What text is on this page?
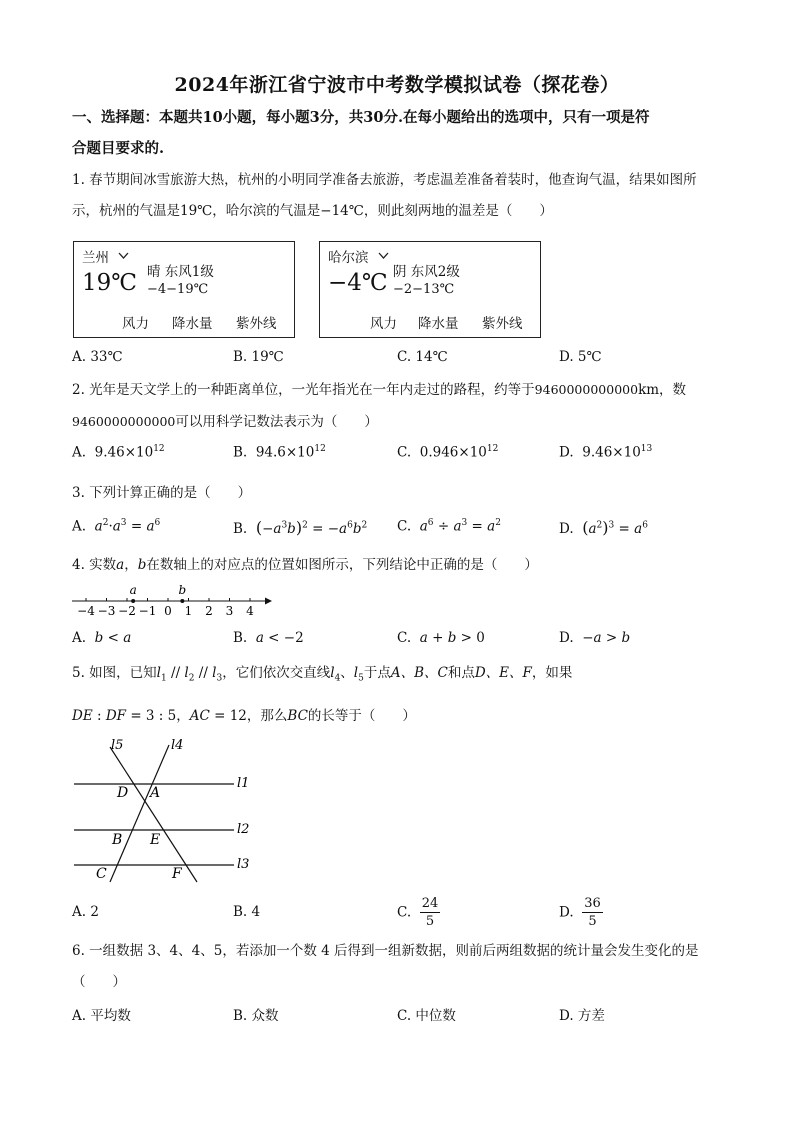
2024年浙江省宁波市中考数学模拟试卷（探花卷）
一、选择题：本题共10小题，每小题3分，共30分.在每小题给出的选项中，只有一项是符
合题目要求的.
1. 春节期间冰雪旅游大热，杭州的小明同学准备去旅游，考虑温差准备着装时，他查询气温，结果如图所
示，杭州的气温是19℃，哈尔滨的气温是−14℃，则此刻两地的温差是（　　）
兰州
19℃ 晴 东风1级
−4−19℃
风力 降水量 紫外线
哈尔滨
−4℃ 阴 东风2级
−2−13℃
风力 降水量 紫外线
A. 33℃	B. 19℃	C. 14℃	D. 5℃
2. 光年是天文学上的一种距离单位，一光年指光在一年内走过的路程，约等于9460000000000km，数
9460000000000可以用科学记数法表示为（　　）
A. $9.46\times 10^{12}$	B. $94.6\times 10^{12}$	C. $0.946\times 10^{12}$	D. $9.46\times 10^{13}$
3. 下列计算正确的是（　　）
A. $a^2\cdot a^3 = a^6$	B. $(-a^3b)^2 = -a^6b^2$ C. $a^6 \div a^3 = a^2$	D. $(a^2)^3 = a^6$
4. 实数a，b在数轴上的对应点的位置如图所示，下列结论中正确的是（　　）
−4 −3 −2 −1 0 1 2 3 4
a	b
A. b < a	B. a < −2	C. a + b > 0	D.  −a > b
5. 如图，已知$l_1 // l_2 // l_3$，它们依次交直线$l_4$、$l_5$于点A、B、C和点D、E、F，如果
DE : DF = 3 : 5，AC = 12，那么BC的长等于（　　）
l5	l4
l1
l2
l3
D A
B E
C	F
A. 2	B. 4	C. $\frac{24}{5}$	D. $\frac{36}{5}$
6. 一组数据 3、4、4、5，若添加一个数 4 后得到一组新数据，则前后两组数据的统计量会发生变化的是
（　　）
A. 平均数	B. 众数	C. 中位数	D. 方差
